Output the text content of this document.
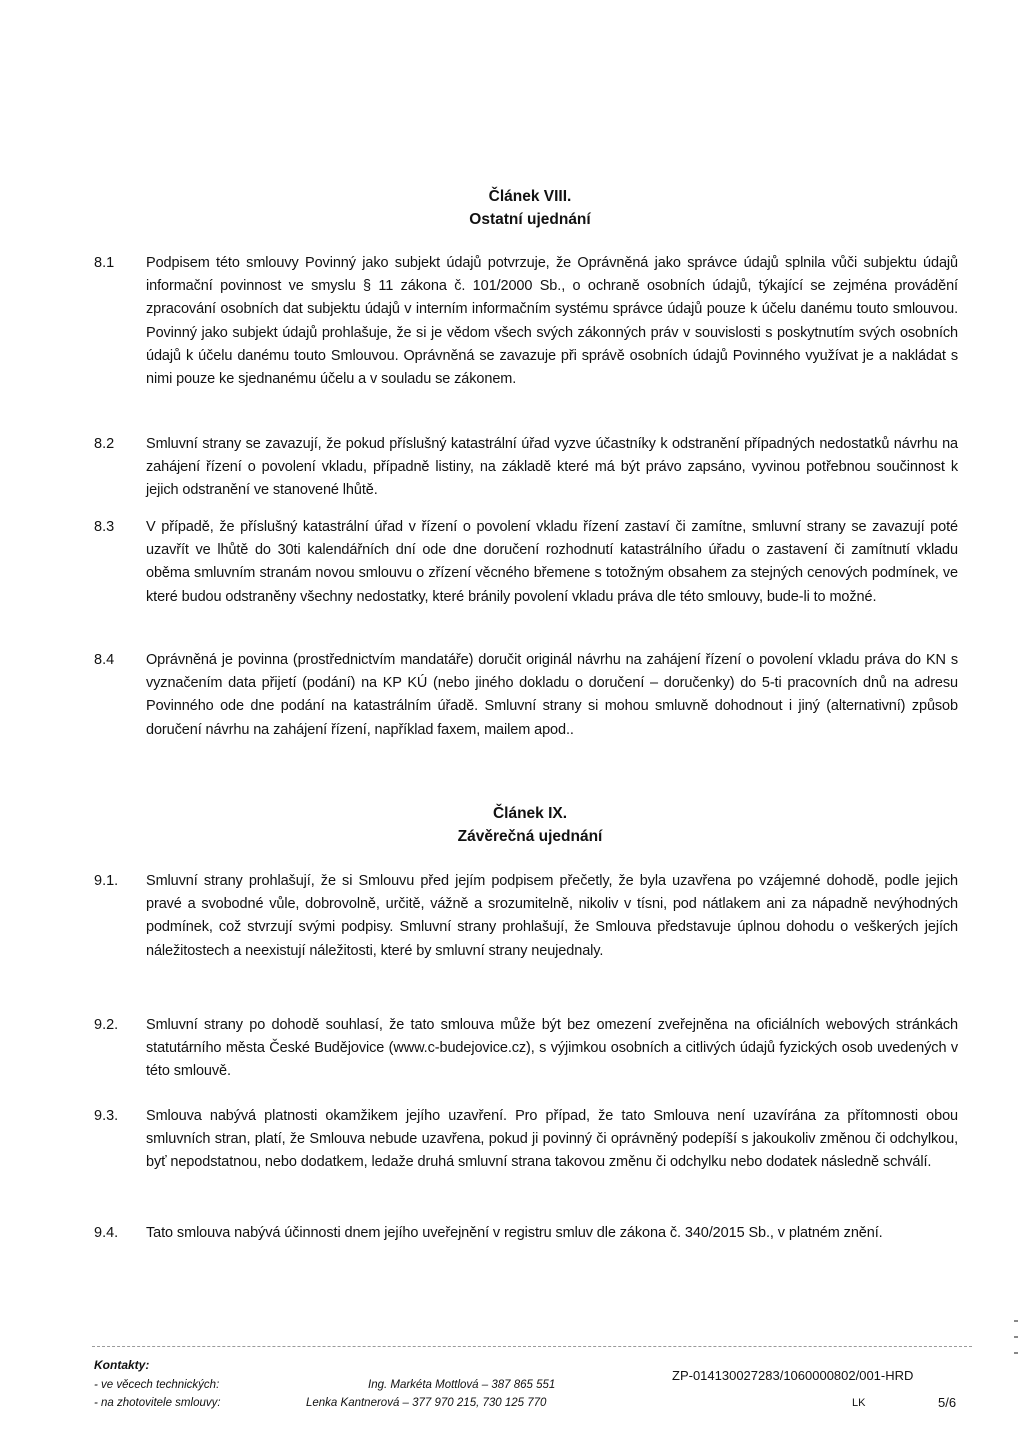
Článek VIII.
Ostatní ujednání
8.1 Podpisem této smlouvy Povinný jako subjekt údajů potvrzuje, že Oprávněná jako správce údajů splnila vůči subjektu údajů informační povinnost ve smyslu § 11 zákona č. 101/2000 Sb., o ochraně osobních údajů, týkající se zejména provádění zpracování osobních dat subjektu údajů v interním informačním systému správce údajů pouze k účelu danému touto smlouvou. Povinný jako subjekt údajů prohlašuje, že si je vědom všech svých zákonných práv v souvislosti s poskytnutím svých osobních údajů k účelu danému touto Smlouvou. Oprávněná se zavazuje při správě osobních údajů Povinného využívat je a nakládat s nimi pouze ke sjednanému účelu a v souladu se zákonem.
8.2 Smluvní strany se zavazují, že pokud příslušný katastrální úřad vyzve účastníky k odstranění případných nedostatků návrhu na zahájení řízení o povolení vkladu, případně listiny, na základě které má být právo zapsáno, vyvinou potřebnou součinnost k jejich odstranění ve stanovené lhůtě.
8.3 V případě, že příslušný katastrální úřad v řízení o povolení vkladu řízení zastaví či zamítne, smluvní strany se zavazují poté uzavřít ve lhůtě do 30ti kalendářních dní ode dne doručení rozhodnutí katastrálního úřadu o zastavení či zamítnutí vkladu oběma smluvním stranám novou smlouvu o zřízení věcného břemene s totožným obsahem za stejných cenových podmínek, ve které budou odstraněny všechny nedostatky, které bránily povolení vkladu práva dle této smlouvy, bude-li to možné.
8.4 Oprávněná je povinna (prostřednictvím mandatáře) doručit originál návrhu na zahájení řízení o povolení vkladu práva do KN s vyznačením data přijetí (podání) na KP KÚ (nebo jiného dokladu o doručení – doručenky) do 5-ti pracovních dnů na adresu Povinného ode dne podání na katastrálním úřadě. Smluvní strany si mohou smluvně dohodnout i jiný (alternativní) způsob doručení návrhu na zahájení řízení, například faxem, mailem apod..
Článek IX.
Závěrečná ujednání
9.1. Smluvní strany prohlašují, že si Smlouvu před jejím podpisem přečetly, že byla uzavřena po vzájemné dohodě, podle jejich pravé a svobodné vůle, dobrovolně, určitě, vážně a srozumitelně, nikoliv v tísni, pod nátlakem ani za nápadně nevýhodných podmínek, což stvrzují svými podpisy. Smluvní strany prohlašují, že Smlouva představuje úplnou dohodu o veškerých jejích náležitostech a neexistují náležitosti, které by smluvní strany neujednaly.
9.2. Smluvní strany po dohodě souhlasí, že tato smlouva může být bez omezení zveřejněna na oficiálních webových stránkách statutárního města České Budějovice (www.c-budejovice.cz), s výjimkou osobních a citlivých údajů fyzických osob uvedených v této smlouvě.
9.3. Smlouva nabývá platnosti okamžikem jejího uzavření. Pro případ, že tato Smlouva není uzavírána za přítomnosti obou smluvních stran, platí, že Smlouva nebude uzavřena, pokud ji povinný či oprávněný podepíší s jakoukoliv změnou či odchylkou, byť nepodstatnou, nebo dodatkem, ledaže druhá smluvní strana takovou změnu či odchylku nebo dodatek následně schválí.
9.4. Tato smlouva nabývá účinnosti dnem jejího uveřejnění v registru smluv dle zákona č. 340/2015 Sb., v platném znění.
Kontakty:
- ve věcech technických:	Ing. Markéta Mottlová – 387 865 551
- na zhotovitele smlouvy:	Lenka Kantnerová – 377 970 215, 730 125 770
ZP-014130027283/1060000802/001-HRD
LK	5/6
